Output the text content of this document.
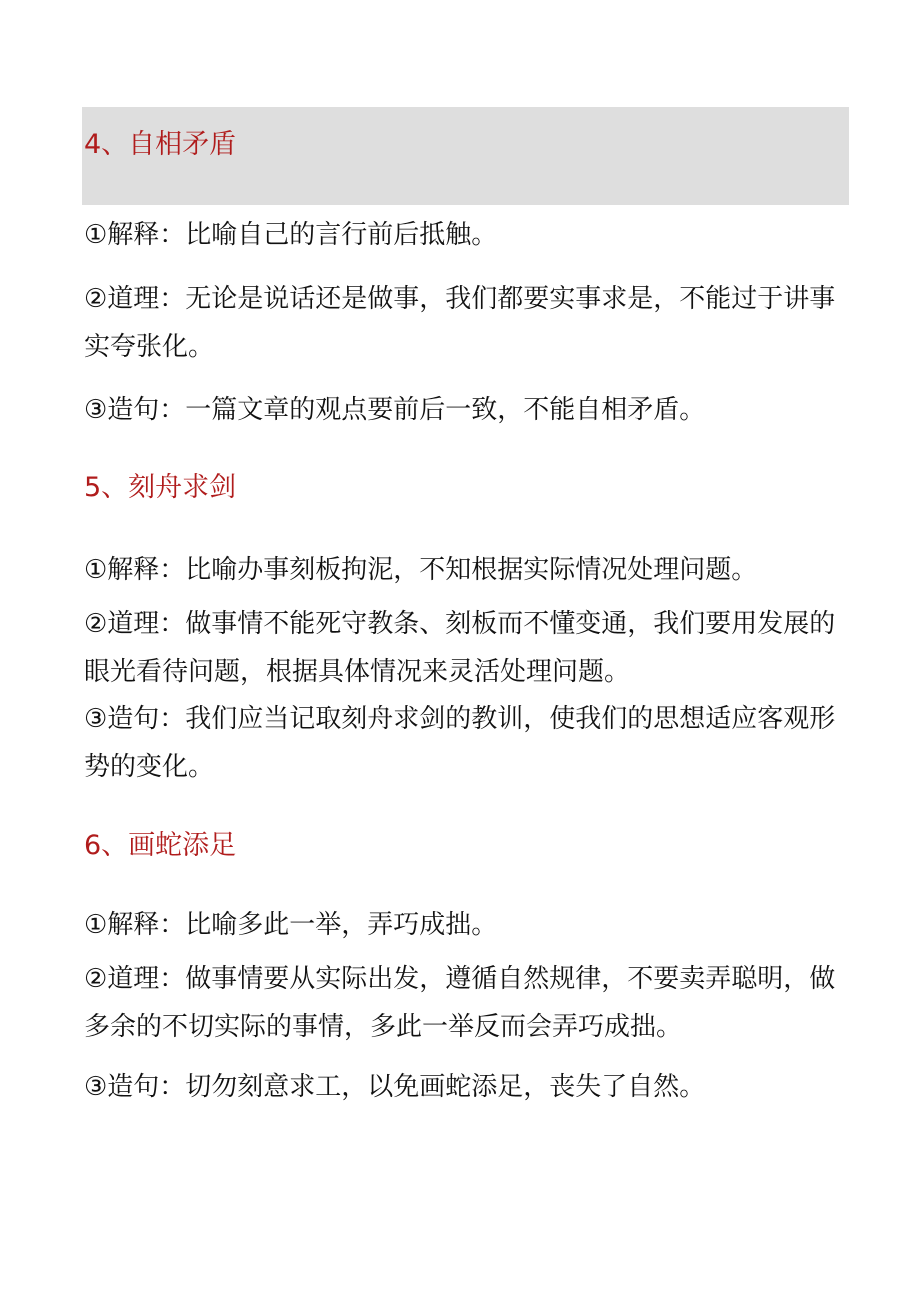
4、自相矛盾
①解释：比喻自己的言行前后抵触。
②道理：无论是说话还是做事，我们都要实事求是，不能过于讲事
实夸张化。
③造句：一篇文章的观点要前后一致，不能自相矛盾。
5、刻舟求剑
①解释：比喻办事刻板拘泥，不知根据实际情况处理问题。
②道理：做事情不能死守教条、刻板而不懂变通，我们要用发展的
眼光看待问题，根据具体情况来灵活处理问题。
③造句：我们应当记取刻舟求剑的教训，使我们的思想适应客观形
势的变化。
6、画蛇添足
①解释：比喻多此一举，弄巧成拙。
②道理：做事情要从实际出发，遵循自然规律，不要卖弄聪明，做
多余的不切实际的事情，多此一举反而会弄巧成拙。
③造句：切勿刻意求工，以免画蛇添足，丧失了自然。
